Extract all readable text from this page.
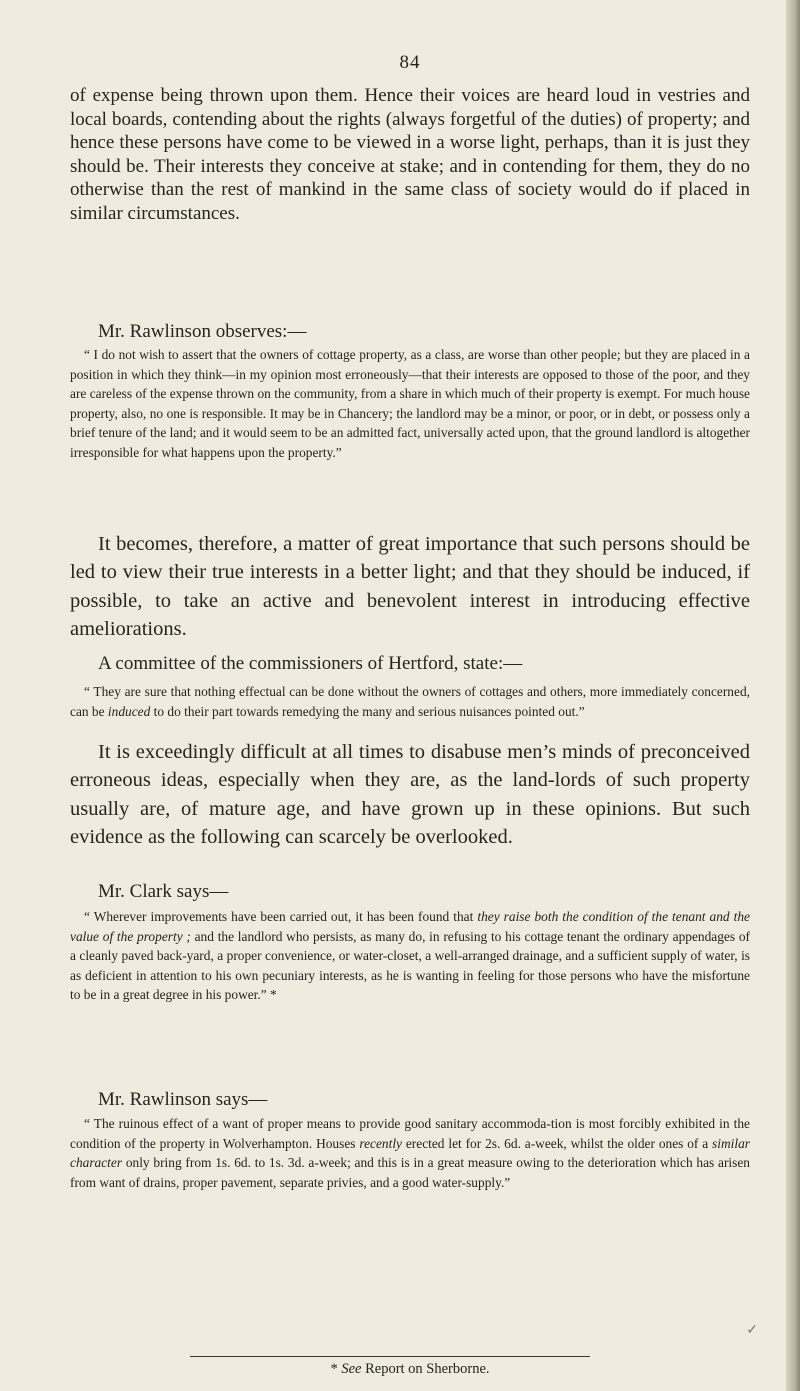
84

of expense being thrown upon them. Hence their voices are heard loud in vestries and local boards, contending about the rights (always forgetful of the duties) of property; and hence these persons have come to be viewed in a worse light, perhaps, than it is just they should be. Their interests they conceive at stake; and in contending for them, they do no otherwise than the rest of mankind in the same class of society would do if placed in similar circumstances.

Mr. Rawlinson observes:—

“ I do not wish to assert that the owners of cottage property, as a class, are worse than other people; but they are placed in a position in which they think—in my opinion most erroneously—that their interests are opposed to those of the poor, and they are careless of the expense thrown on the community, from a share in which much of their property is exempt. For much house property, also, no one is responsible. It may be in Chancery; the landlord may be a minor, or poor, or in debt, or possess only a brief tenure of the land; and it would seem to be an admitted fact, universally acted upon, that the ground landlord is altogether irresponsible for what happens upon the property.”

It becomes, therefore, a matter of great importance that such persons should be led to view their true interests in a better light; and that they should be induced, if possible, to take an active and benevolent interest in introducing effective ameliorations.

A committee of the commissioners of Hertford, state:—

“ They are sure that nothing effectual can be done without the owners of cottages and others, more immediately concerned, can be induced to do their part towards remedying the many and serious nuisances pointed out.”

It is exceedingly difficult at all times to disabuse men’s minds of preconceived erroneous ideas, especially when they are, as the land-lords of such property usually are, of mature age, and have grown up in these opinions. But such evidence as the following can scarcely be overlooked.

Mr. Clark says—

“ Wherever improvements have been carried out, it has been found that they raise both the condition of the tenant and the value of the property ; and the landlord who persists, as many do, in refusing to his cottage tenant the ordinary appendages of a cleanly paved back-yard, a proper convenience, or water-closet, a well-arranged drainage, and a sufficient supply of water, is as deficient in attention to his own pecuniary interests, as he is wanting in feeling for those persons who have the misfortune to be in a great degree in his power.” *

Mr. Rawlinson says—

“ The ruinous effect of a want of proper means to provide good sanitary accommoda-tion is most forcibly exhibited in the condition of the property in Wolverhampton. Houses recently erected let for 2s. 6d. a-week, whilst the older ones of a similar character only bring from 1s. 6d. to 1s. 3d. a-week; and this is in a great measure owing to the deterioration which has arisen from want of drains, proper pavement, separate privies, and a good water-supply.”

* See Report on Sherborne.
✓
